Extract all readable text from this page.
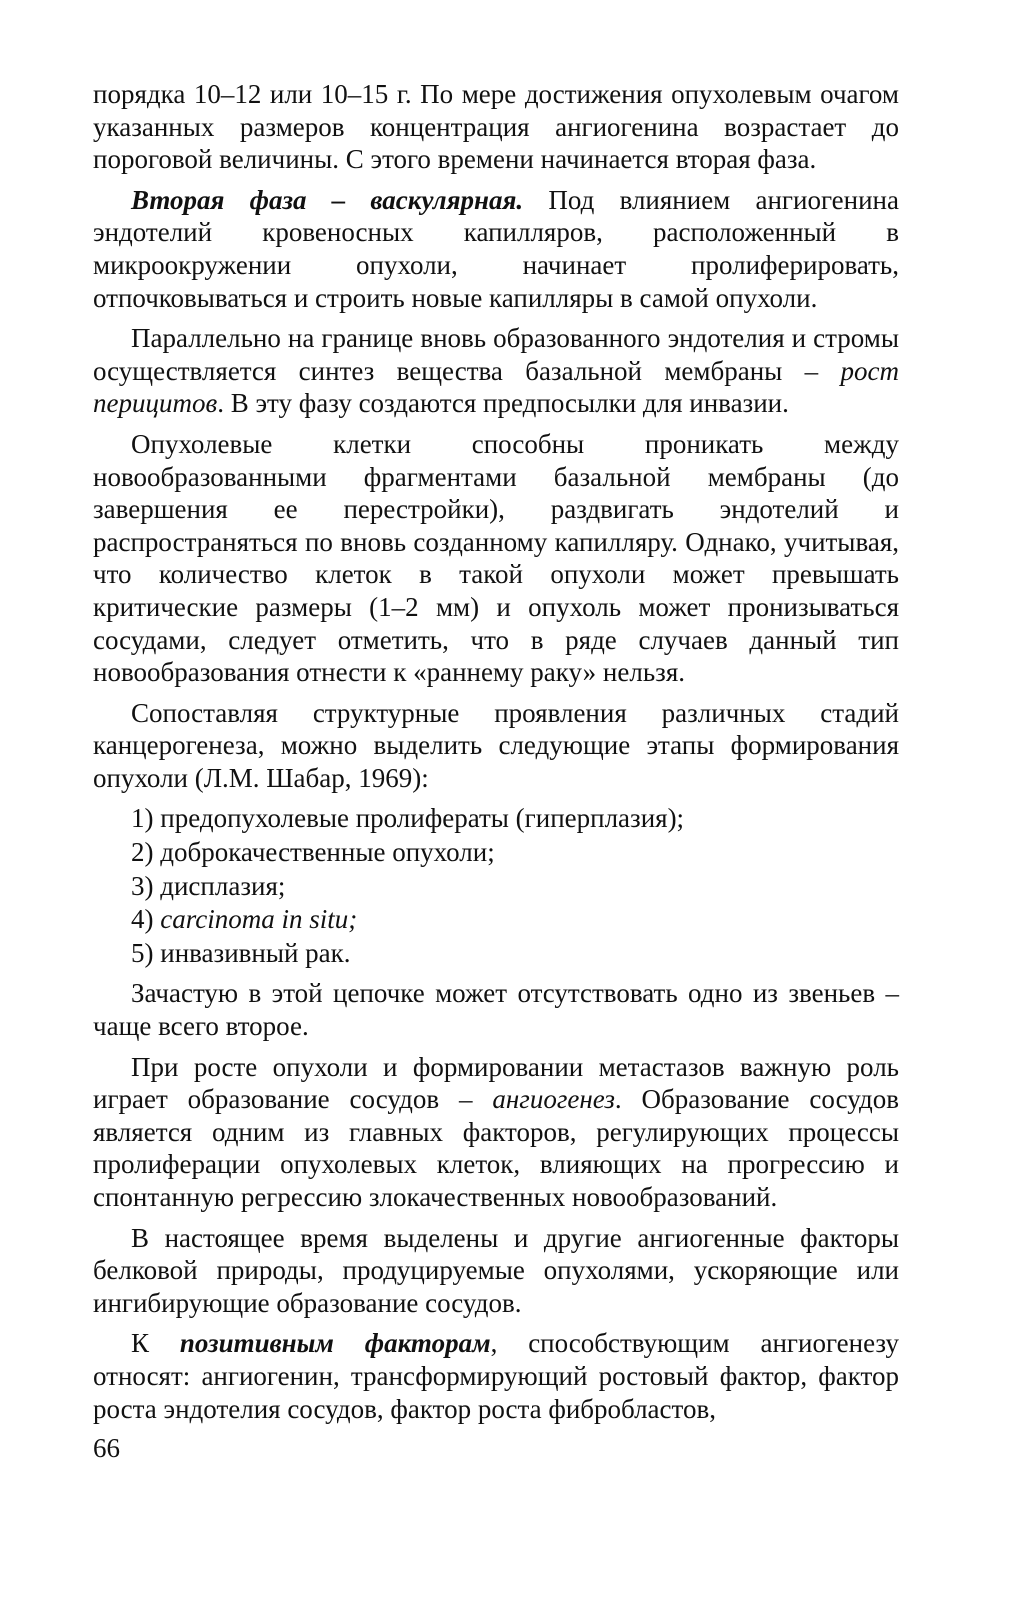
порядка 10–12 или 10–15 г. По мере достижения опухолевым очагом указанных размеров концентрация ангиогенина возрастает до пороговой величины. С этого времени начинается вторая фаза.

Вторая фаза – васкулярная. Под влиянием ангиогенина эндотелий кровеносных капилляров, расположенный в микроокружении опухоли, начинает пролиферировать, отпочковываться и строить новые капилляры в самой опухоли.

Параллельно на границе вновь образованного эндотелия и стромы осуществляется синтез вещества базальной мембраны – рост перицитов. В эту фазу создаются предпосылки для инвазии.

Опухолевые клетки способны проникать между новообразованными фрагментами базальной мембраны (до завершения ее перестройки), раздвигать эндотелий и распространяться по вновь созданному капилляру. Однако, учитывая, что количество клеток в такой опухоли может превышать критические размеры (1–2 мм) и опухоль может пронизываться сосудами, следует отметить, что в ряде случаев данный тип новообразования отнести к «раннему раку» нельзя.

Сопоставляя структурные проявления различных стадий канцерогенеза, можно выделить следующие этапы формирования опухоли (Л.М. Шабар, 1969):

1) предопухолевые пролифераты (гиперплазия);
2) доброкачественные опухоли;
3) дисплазия;
4) carcinoma in situ;
5) инвазивный рак.

Зачастую в этой цепочке может отсутствовать одно из звеньев – чаще всего второе.

При росте опухоли и формировании метастазов важную роль играет образование сосудов – ангиогенез. Образование сосудов является одним из главных факторов, регулирующих процессы пролиферации опухолевых клеток, влияющих на прогрессию и спонтанную регрессию злокачественных новообразований.

В настоящее время выделены и другие ангиогенные факторы белковой природы, продуцируемые опухолями, ускоряющие или ингибирующие образование сосудов.

К позитивным факторам, способствующим ангиогенезу относят: ангиогенин, трансформирующий ростовый фактор, фактор роста эндотелия сосудов, фактор роста фибробластов,

66
